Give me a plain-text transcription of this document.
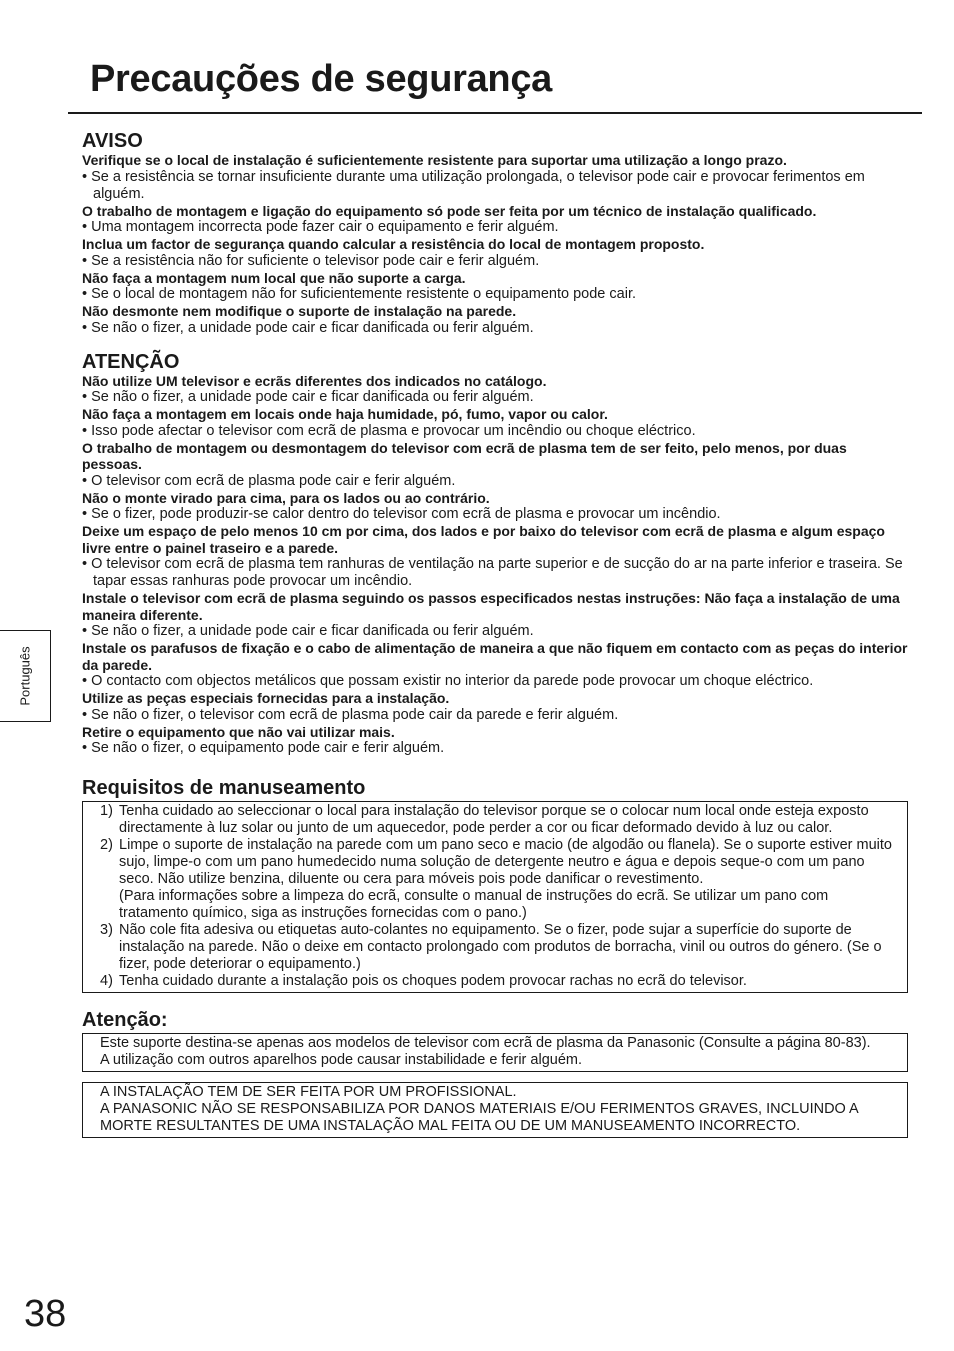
Precauções de segurança
Português
AVISO

Verifique se o local de instalação é suficientemente resistente para suportar uma utilização a longo prazo.

• Se a resistência se tornar insuficiente durante uma utilização prolongada, o televisor pode cair e provocar ferimentos em alguém.

O trabalho de montagem e ligação do equipamento só pode ser feita por um técnico de instalação qualificado.

• Uma montagem incorrecta pode fazer cair o equipamento e ferir alguém.

Inclua um factor de segurança quando calcular a resistência do local de montagem proposto.

• Se a resistência não for suficiente o televisor pode cair e ferir alguém.

Não faça a montagem num local que não suporte a carga.

• Se o local de montagem não for suficientemente resistente o equipamento pode cair.

Não desmonte nem modifique o suporte de instalação na parede.

• Se não o fizer, a unidade pode cair e ficar danificada ou ferir alguém.

ATENÇÃO

Não utilize UM televisor e ecrãs diferentes dos indicados no catálogo.

• Se não o fizer, a unidade pode cair e ficar danificada ou ferir alguém.

Não faça a montagem em locais onde haja humidade, pó, fumo, vapor ou calor.

• Isso pode afectar o televisor com ecrã de plasma e provocar um incêndio ou choque eléctrico.

O trabalho de montagem ou desmontagem do televisor com ecrã de plasma tem de ser feito, pelo menos, por duas pessoas.

• O televisor com ecrã de plasma pode cair e ferir alguém.

Não o monte virado para cima, para os lados ou ao contrário.

• Se o fizer, pode produzir-se calor dentro do televisor com ecrã de plasma e provocar um incêndio.

Deixe um espaço de pelo menos 10 cm por cima, dos lados e por baixo do televisor com ecrã de plasma e algum espaço livre entre o painel traseiro e a parede.

• O televisor com ecrã de plasma tem ranhuras de ventilação na parte superior e de sucção do ar na parte inferior e traseira. Se tapar essas ranhuras pode provocar um incêndio.

Instale o televisor com ecrã de plasma seguindo os passos especificados nestas instruções: Não faça a instalação de uma maneira diferente.

• Se não o fizer, a unidade pode cair e ficar danificada ou ferir alguém.

Instale os parafusos de fixação e o cabo de alimentação de maneira a que não fiquem em contacto com as peças do interior da parede.

• O contacto com objectos metálicos que possam existir no interior da parede pode provocar um choque eléctrico.

Utilize as peças especiais fornecidas para a instalação.

• Se não o fizer, o televisor com ecrã de plasma pode cair da parede e ferir alguém.

Retire o equipamento que não vai utilizar mais.

• Se não o fizer, o equipamento pode cair e ferir alguém.

Requisitos de manuseamento
1) Tenha cuidado ao seleccionar o local para instalação do televisor porque se o colocar num local onde esteja exposto directamente à luz solar ou junto de um aquecedor, pode perder a cor ou ficar deformado devido à luz ou calor.
2) Limpe o suporte de instalação na parede com um pano seco e macio (de algodão ou flanela). Se o suporte estiver muito sujo, limpe-o com um pano humedecido numa solução de detergente neutro e água e depois seque-o com um pano seco. Não utilize benzina, diluente ou cera para móveis pois pode danificar o revestimento.
(Para informações sobre a limpeza do ecrã, consulte o manual de instruções do ecrã. Se utilizar um pano com tratamento químico, siga as instruções fornecidas com o pano.)
3) Não cole fita adesiva ou etiquetas auto-colantes no equipamento. Se o fizer, pode sujar a superfície do suporte de instalação na parede. Não o deixe em contacto prolongado com produtos de borracha, vinil ou outros do género. (Se o fizer, pode deteriorar o equipamento.)
4) Tenha cuidado durante a instalação pois os choques podem provocar rachas no ecrã do televisor.
Atenção:
Este suporte destina-se apenas aos modelos de televisor com ecrã de plasma da Panasonic (Consulte a página 80-83).
A utilização com outros aparelhos pode causar instabilidade e ferir alguém.
A INSTALAÇÃO TEM DE SER FEITA POR UM PROFISSIONAL.
A PANASONIC NÃO SE RESPONSABILIZA POR DANOS MATERIAIS E/OU FERIMENTOS GRAVES, INCLUINDO A MORTE RESULTANTES DE UMA INSTALAÇÃO MAL FEITA OU DE UM MANUSEAMENTO INCORRECTO.
38
